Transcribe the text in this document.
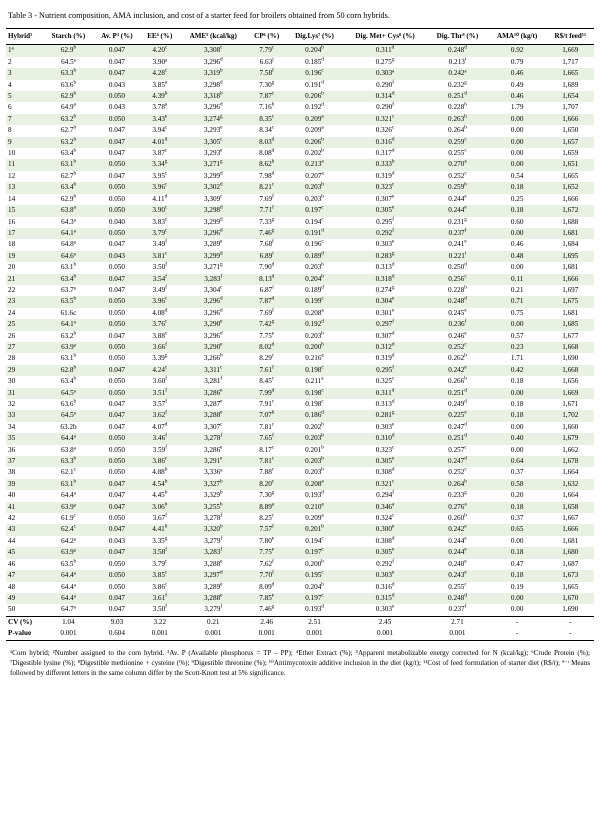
Table 3 - Nutrient composition, AMA inclusion, and cost of a starter feed for broilers obtained from 50 corn hybrids.
Hybrid¹	Starch (%)	Av. P³ (%)	EE⁴ (%)	AME⁵ (kcal/kg)	CP⁶ (%)	Dig.Lys⁷ (%)	Dig. Met+ Cys⁸ (%)	Dig. Thr⁹ (%)	AMA¹⁰ (kg/t)	R$/t feed¹¹
1ª	62.9$^b$	0.047	4.20$^c$	3,308$^c$	7.79$^c$	0.204$^b$	0.311$^d$	0.248$^d$	0.92	1,669
2	64.5ª	0.047	3.90ª	3,296$^d$	6.63$^j$	0.185$^d$	0.275$^g$	0.213$^i$	0.79	1,717
3	63.3$^b$	0.047	4.28$^c$	3,319$^b$	7.58$^f$	0.196$^c$	0.303ª	0.242ª	0.46	1,665
4	63.6$^b$	0.043	3.85$^a$	3,298$^d$	7.30$^g$	0.191$^d$	0.290$^f$	0.232$^g$	0.49	1,689
5	62.9$^b$	0.050	4.39$^b$	3,318$^b$	7.87$^c$	0.206$^b$	0.314$^d$	0.251$^d$	0.46	1,654
6	64.9$^a$	0.043	3.78$^a$	3,296$^d$	7.16$^h$	0.192$^d$	0.290$^f$	0.228$^h$	1.79	1,707
7	63.2$^b$	0.050	3.43e	3,274$^g$	8.35$^c$	0.209$^a$	0.321$^c$	0.263$^b$	0.00	1,666
8	62.7$^b$	0.047	3.94$^c$	3,293e	8.34$^c$	0.209$^a$	0.326$^c$	0.264$^b$	0.00	1,650
9	63.2$^b$	0.047	4.01$^d$	3,305$^c$	8.03$^d$	0.206$^b$	0.316$^d$	0.259$^c$	0.00	1,657
10	63.4$^b$	0.047	3.87$^c$	3,293e	8.08$^d$	0.202$^b$	0.317$^d$	0.255$^c$	0.00	1,659
11	63.1$^b$	0.050	3.34$^g$	3,271$^g$	8.62$^b$	0.213$^a$	0.333$^b$	0.270$^a$	0.00	1,651
12	62.7$^b$	0.047	3.95$^c$	3,299$^d$	7.98$^d$	0.207$^a$	0.319$^d$	0.252$^c$	0.54	1,665
13	63.4$^b$	0.050	3.96$^c$	3,302$^d$	8.21$^c$	0.203$^b$	0.323$^c$	0.259$^b$	0.18	1,652
14	62.9$^b$	0.050	4.11$^d$	3,309$^c$	7.69$^f$	0.203$^b$	0.307e	0.244e	0.25	1,666
15	63.8$^a$	0.050	3.90$^c$	3,298$^d$	7.71$^f$	0.197$^c$	0.305e	0.244e	0.18	1,672
16	64.3ª	0.040	3.83$^c$	3,299$^d$	7.33$^g$	0.194$^c$	0.295$^f$	0.231$^g$	0.60	1,688
17	64.1ª	0.050	3.79$^c$	3,296$^d$	7.46$^g$	0.191$^d$	0.292$^f$	0.237$^f$	0.00	1,681
18	64.8ª	0.047	3.49$^f$	3,289e	7.68$^f$	0.196$^c$	0.303e	0.241e	0.46	1,684
19	64.6ª	0.043	3.81$^c$	3,299$^d$	6.89$^i$	0.189$^d$	0.283$^g$	0.221$^i$	0.48	1,695
20	63.1$^b$	0.050	3.50$^f$	3,271$^g$	7.90$^d$	0.203$^b$	0.313$^d$	0.250$^d$	0.00	1,681
21	63.4$^b$	0.047	3.54$^f$	3,283$^f$	8.13$^d$	0.204$^b$	0.318$^d$	0.256$^c$	0.11	1,666
22	63.7ª	0.047	3.49$^f$	3,304$^c$	6.87$^i$	0.189$^d$	0.274$^g$	0.228$^h$	0.21	1,697
23	63.5$^b$	0.050	3.96$^c$	3,296$^d$	7.87$^d$	0.199$^c$	0.304e	0.248$^d$	0.71	1,675
24	61.6c	0.050	4.08$^d$	3,296$^d$	7.69$^f$	0.208$^a$	0.301e	0.245e	0.75	1,681
25	64.1ª	0.050	3.76$^c$	3,290e	7.42$^g$	0.192$^d$	0.297$^f$	0.236$^f$	0.00	1,685
26	63.2$^b$	0.047	3.88$^c$	3,296$^d$	7.75e	0.203$^b$	0.307$^d$	0.246e	0.57	1,677
27	63.9ª	0.050	3.66$^f$	3,290e	8.02$^d$	0.200$^b$	0.312$^d$	0.252$^c$	0.23	1,668
28	63.1$^b$	0.050	3.39$^g$	3,266$^h$	8.29$^c$	0.216$^a$	0.319$^d$	0.262$^b$	1.71	1,690
29	62.8$^b$	0.047	4.24$^c$	3,311$^c$	7.61$^f$	0.198$^c$	0.295$^f$	0.242e	0.42	1,668
30	63.4$^b$	0.050	3.60$^f$	3,281$^f$	8.45$^c$	0.211$^a$	0.325$^c$	0.266$^b$	0.18	1,656
31	64.5ª	0.050	3.51$^f$	3,286e	7.99$^d$	0.198$^c$	0.311$^d$	0.251$^d$	0.00	1,669
32	63.6$^b$	0.047	3.57$^f$	3,287e	7.91$^c$	0.198$^c$	0.313$^d$	0.249$^d$	0.18	1,671
33	64.5ª	0.047	3.62$^f$	3,288e	7.07$^h$	0.186$^d$	0.281$^g$	0.225e	0.18	1,702
34	63.2b	0.047	4.07$^d$	3,307$^c$	7.81$^c$	0.202$^b$	0.303e	0.247$^d$	0.00	1,660
35	64.4ª	0.050	3.46$^f$	3,278$^f$	7.65$^f$	0.203$^b$	0.310$^d$	0.251$^d$	0.40	1,679
36	63.8ª	0.050	3.59$^f$	3,286e	8.17$^c$	0.201$^b$	0.323$^c$	0.257$^c$	0.00	1,662
37	63.3$^b$	0.050	3.86$^c$	3,291e	7.81$^c$	0.203$^b$	0.305e	0.247$^d$	0.64	1,678
38	62.1$^c$	0.050	4.88$^b$	3,336ª	7.88$^c$	0.203$^b$	0.308$^d$	0.252$^c$	0.37	1,664
39	63.1$^b$	0.047	4.54$^b$	3,327$^b$	8.20$^c$	0.208$^a$	0.321$^c$	0.264$^b$	0.58	1,632
40	64.4ª	0.047	4.45$^b$	3,329$^b$	7.30$^g$	0.193$^d$	0.294$^f$	0.233$^g$	0.20	1,664
41	63.9ª	0.047	3.06$^b$	3,255$^h$	8.89$^a$	0.210$^a$	0.346$^a$	0.276$^a$	0.18	1,658
42	61.9$^c$	0.050	3.67$^f$	3,278$^f$	8.25$^c$	0.209$^a$	0.324$^c$	0.260$^b$	0.37	1,667
43	62.4$^c$	0.047	4.41$^b$	3,320$^b$	7.57$^f$	0.201$^b$	0.300e	0.242e	0.65	1,666
44	64.2ª	0.043	3.35$^g$	3,279$^f$	7.80e	0.194$^c$	0.308$^d$	0.244e	0.00	1,681
45	63.9ª	0.047	3.58$^f$	3,283$^f$	7.75e	0.197$^c$	0.305e	0.244e	0.18	1,680
46	63.5$^b$	0.050	3.79$^c$	3,288e	7.62$^f$	0.200$^b$	0.292$^f$	0.240e	0.47	1,687
47	64.4ª	0.050	3.85$^c$	3,297$^d$	7.70$^f$	0.195$^c$	0.303e	0.243e	0.18	1,673
48	64.4ª	0.050	3.86$^c$	3,289e	8.09$^d$	0.204$^b$	0.316$^d$	0.255$^c$	0.19	1,665
49	64.4ª	0.047	3.61$^f$	3,288e	7.85e	0.197$^c$	0.315$^d$	0.248$^d$	0.00	1,670
50	64.7ª	0.047	3.50$^f$	3,279$^f$	7.46$^g$	0.193$^d$	0.303e	0.237$^f$	0.00	1,690
CV (%)	1.04	9.03	3.22	0.21	2.46	2.51	2.45	2.71	-	-
P-value	0.001	0.604	0.001	0.001	0.001	0.001	0.001	0.001	-	-

¹Corn hybrid; ²Number assigned to the corn hybrid. ³Av. P (Available phosphorus = TP – PP); ⁴Ether Extract (%); ⁵Apparent metabolizable energy corrected for N (kcal/kg); ⁶Crude Protein (%); ⁷Digestible lysine (%); ⁸Digestible methionine + cysteine (%); ⁹Digestible threonine (%); ¹⁰Antimycotoxin additive inclusion in the diet (kg/t); ¹¹Cost of feed formulation of starter diet (R$/t); ª⁻ᶦ Means followed by different letters in the same column differ by the Scott-Knott test at 5% significance.
